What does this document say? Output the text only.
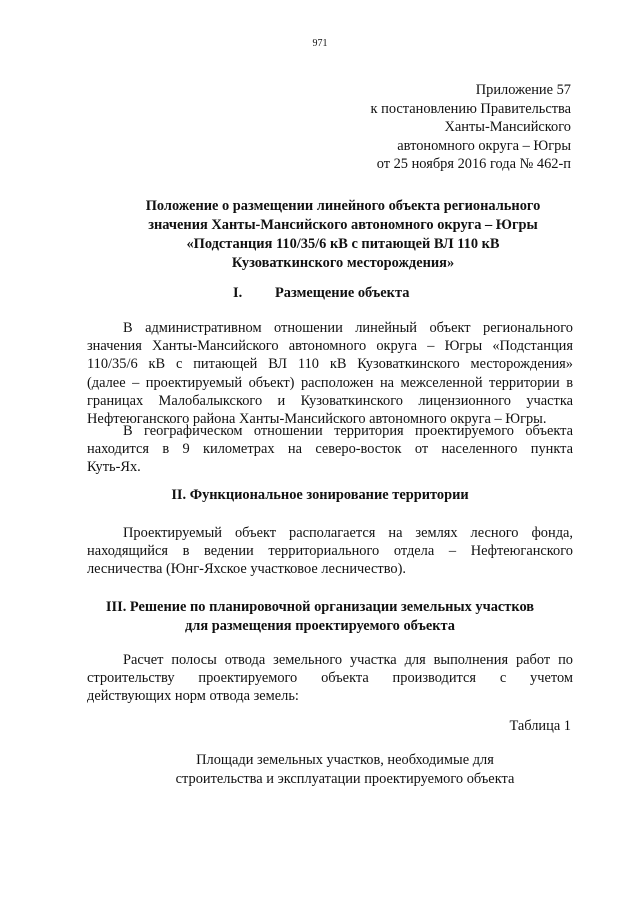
971
Приложение 57
к постановлению Правительства
Ханты-Мансийского
автономного округа – Югры
от 25 ноября 2016 года № 462-п
Положение о размещении линейного объекта регионального
значения Ханты-Мансийского автономного округа – Югры
«Подстанция 110/35/6 кВ с питающей ВЛ 110 кВ
Кузоваткинского месторождения»
I. Размещение объекта
В административном отношении линейный объект регионального
значения Ханты-Мансийского автономного округа – Югры «Подстанция
110/35/6 кВ с питающей ВЛ 110 кВ Кузоваткинского месторождения»
(далее – проектируемый объект) расположен на межселенной территории в
границах Малобалыкского и Кузоваткинского лицензионного участка
Нефтеюганского района Ханты-Мансийского автономного округа – Югры.
В географическом отношении территория проектируемого объекта
находится в 9 километрах на северо-восток от населенного пункта
Куть-Ях.
II. Функциональное зонирование территории
Проектируемый объект располагается на землях лесного фонда,
находящийся в ведении территориального отдела – Нефтеюганского
лесничества (Юнг-Яхское участковое лесничество).
III. Решение по планировочной организации земельных участков
для размещения проектируемого объекта
Расчет полосы отвода земельного участка для выполнения работ по
строительству проектируемого объекта производится с учетом
действующих норм отвода земель:
Таблица 1
Площади земельных участков, необходимые для
строительства и эксплуатации проектируемого объекта
